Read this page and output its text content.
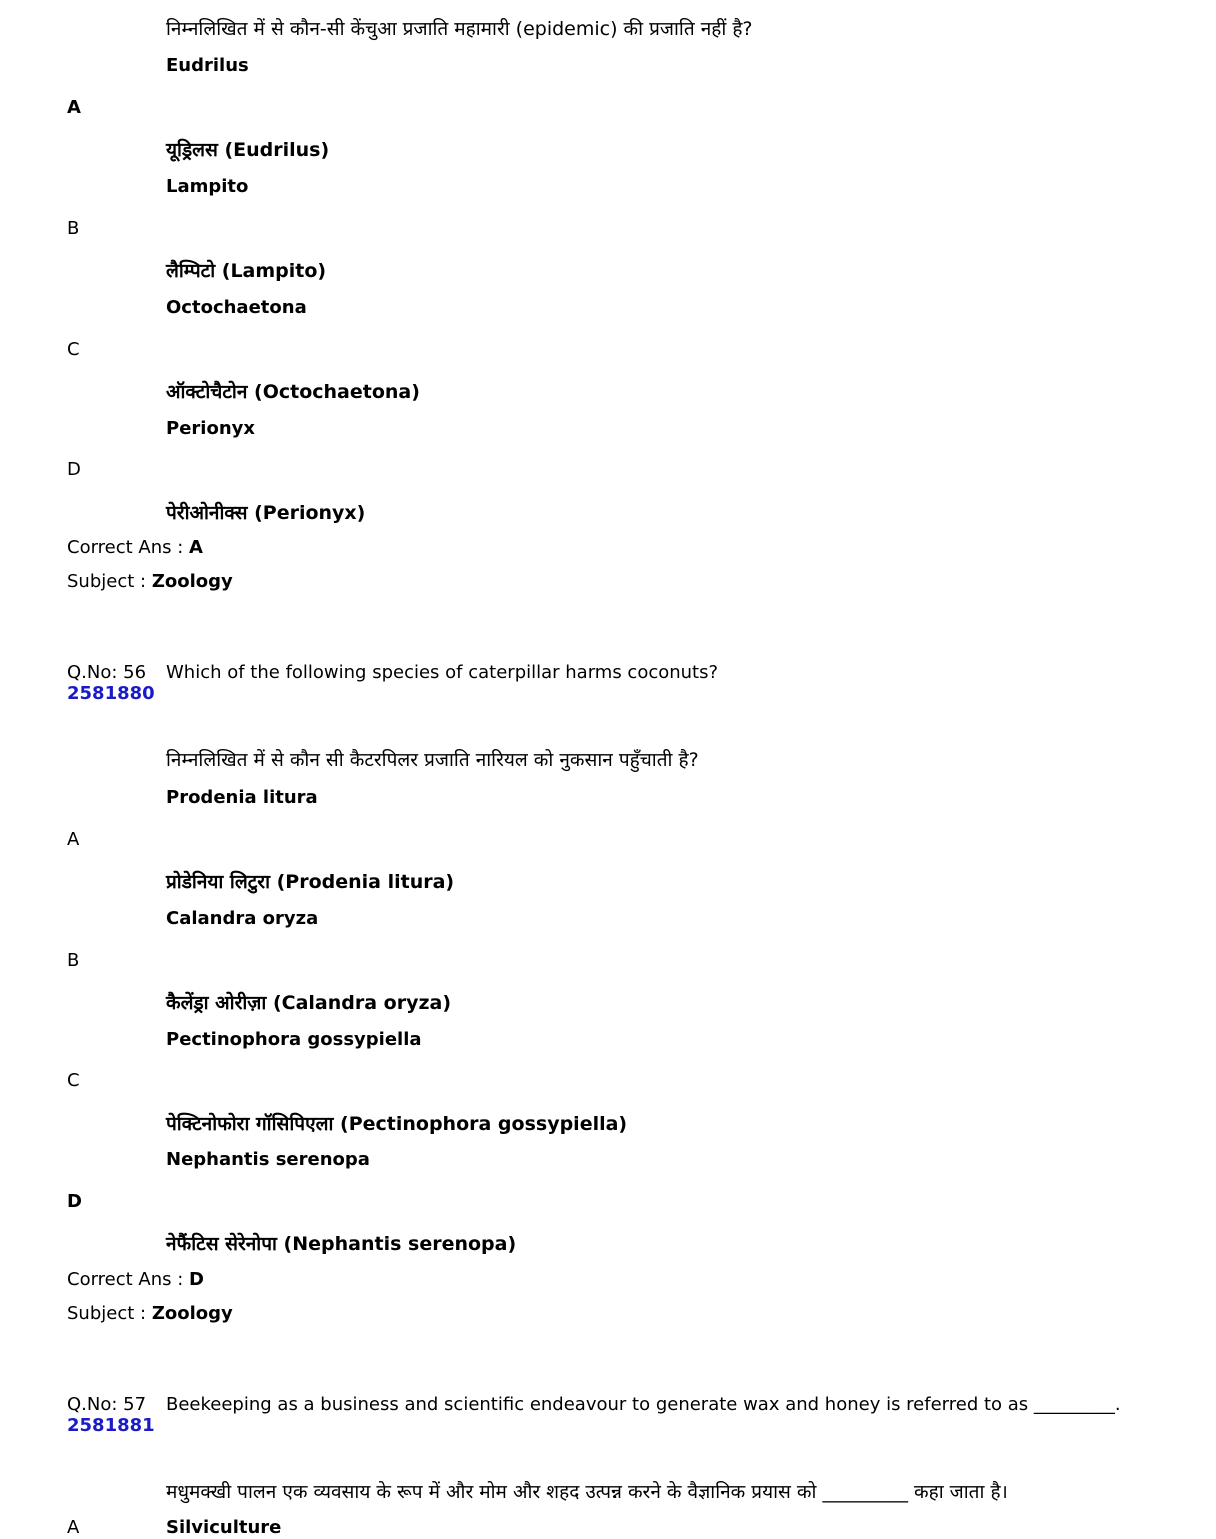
निम्नलिखित में से कौन-सी केंचुआ प्रजाति महामारी (epidemic) की प्रजाति नहीं है?
Eudrilus
A
यूड्रिलस (Eudrilus)
Lampito
B
लैम्पिटो (Lampito)
Octochaetona
C
ऑक्टोचैटोन (Octochaetona)
Perionyx
D
पेरीओनीक्स (Perionyx)
Correct Ans : A
Subject : Zoology
Q.No: 56
2581880
Which of the following species of caterpillar harms coconuts?
निम्नलिखित में से कौन सी कैटरपिलर प्रजाति नारियल को नुकसान पहुँचाती है?
Prodenia litura
A
प्रोडेनिया लिटुरा (Prodenia litura)
Calandra oryza
B
कैलेंड्रा ओरीज़ा (Calandra oryza)
Pectinophora gossypiella
C
पेक्टिनोफोरा गॉसिपिएला (Pectinophora gossypiella)
Nephantis serenopa
D
नेफैंटिस सेरेनोपा (Nephantis serenopa)
Correct Ans : D
Subject : Zoology
Q.No: 57
2581881
Beekeeping as a business and scientific endeavour to generate wax and honey is referred to as _________.
मधुमक्खी पालन एक व्यवसाय के रूप में और मोम और शहद उत्पन्न करने के वैज्ञानिक प्रयास को _________ कहा जाता है।
A	Silviculture
